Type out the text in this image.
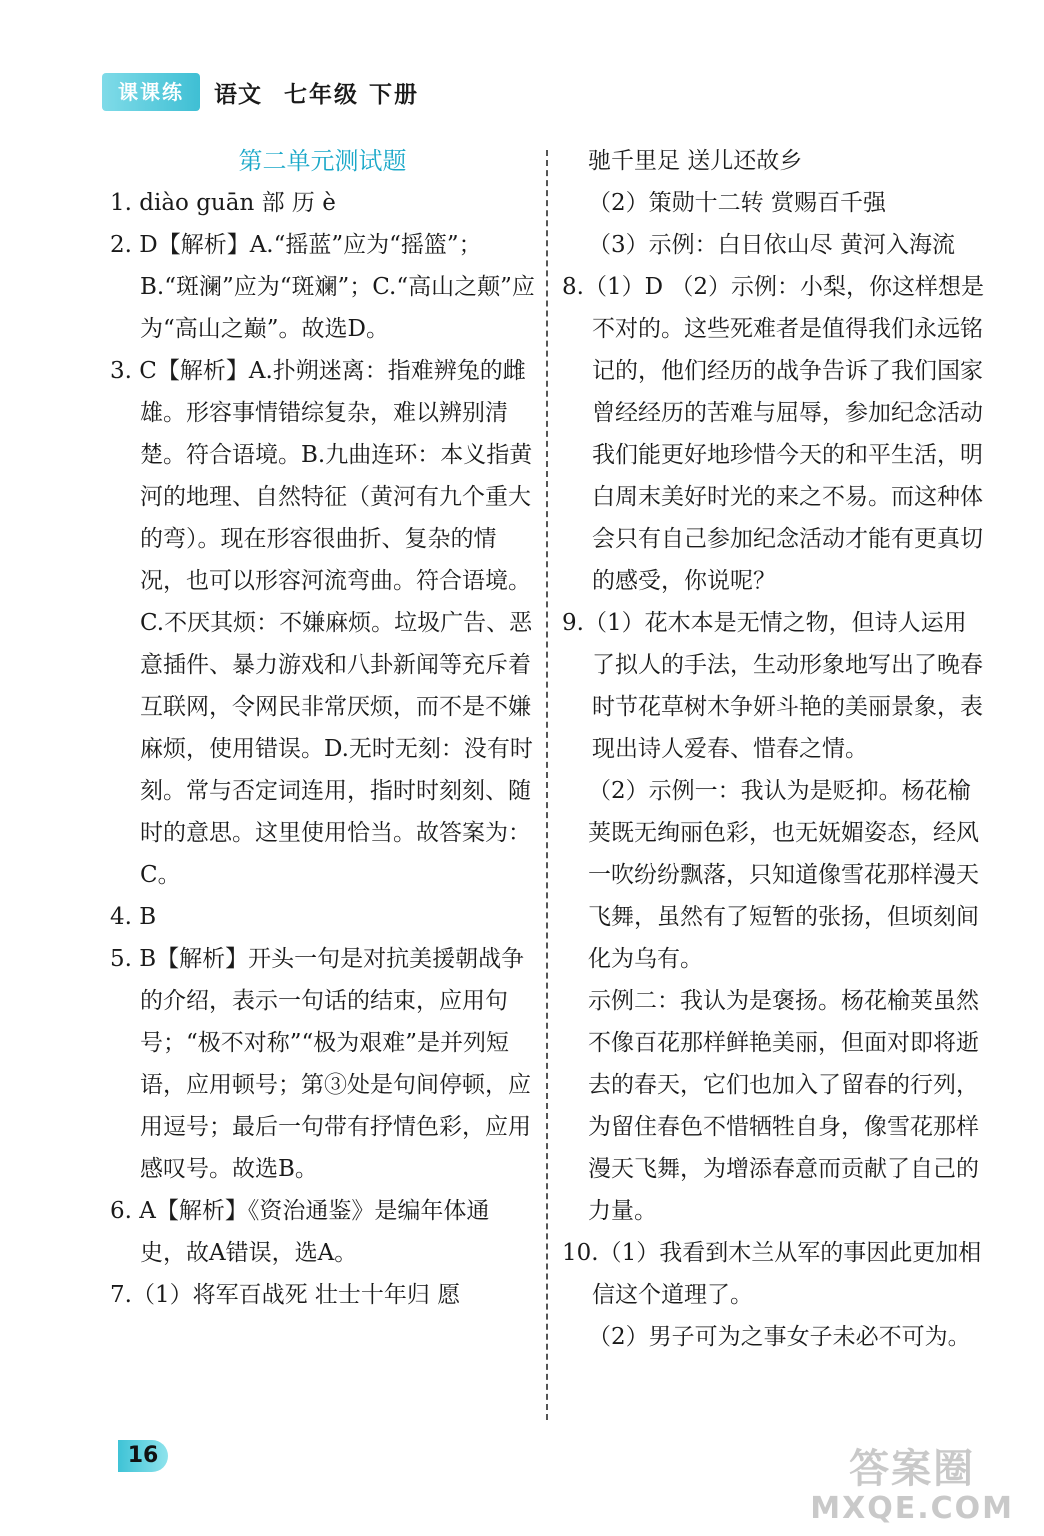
课课练	语文 七年级 下册
第二单元测试题

1. diào guān 部 历 è

2. D【解析】A.“摇蓝”应为“摇篮”；B.“斑澜”应为“斑斓”；C.“高山之颠”应为“高山之巅”。故选D。

3. C【解析】A.扑朔迷离：指难辨兔的雌雄。形容事情错综复杂，难以辨别清楚。符合语境。B.九曲连环：本义指黄河的地理、自然特征（黄河有九个重大的弯）。现在形容很曲折、复杂的情况，也可以形容河流弯曲。符合语境。C.不厌其烦：不嫌麻烦。垃圾广告、恶意插件、暴力游戏和八卦新闻等充斥着互联网，令网民非常厌烦，而不是不嫌麻烦，使用错误。D.无时无刻：没有时刻。常与否定词连用，指时时刻刻、随时的意思。这里使用恰当。故答案为：C。

4. B

5. B【解析】开头一句是对抗美援朝战争的介绍，表示一句话的结束，应用句号；“极不对称”“极为艰难”是并列短语，应用顿号；第③处是句间停顿，应用逗号；最后一句带有抒情色彩，应用感叹号。故选B。

6. A【解析】《资治通鉴》是编年体通史，故A错误，选A。

7.（1）将军百战死 壮士十年归 愿

驰千里足 送儿还故乡

（2）策勋十二转 赏赐百千强

（3）示例：白日依山尽 黄河入海流

8.（1）D （2）示例：小梨，你这样想是不对的。这些死难者是值得我们永远铭记的，他们经历的战争告诉了我们国家曾经经历的苦难与屈辱，参加纪念活动我们能更好地珍惜今天的和平生活，明白周末美好时光的来之不易。而这种体会只有自己参加纪念活动才能有更真切的感受，你说呢？

9.（1）花木本是无情之物，但诗人运用了拟人的手法，生动形象地写出了晚春时节花草树木争妍斗艳的美丽景象，表现出诗人爱春、惜春之情。

（2）示例一：我认为是贬抑。杨花榆荚既无绚丽色彩，也无妩媚姿态，经风一吹纷纷飘落，只知道像雪花那样漫天飞舞，虽然有了短暂的张扬，但顷刻间化为乌有。

示例二：我认为是褒扬。杨花榆荚虽然不像百花那样鲜艳美丽，但面对即将逝去的春天，它们也加入了留春的行列，为留住春色不惜牺牲自身，像雪花那样漫天飞舞，为增添春意而贡献了自己的力量。

10.（1）我看到木兰从军的事因此更加相信这个道理了。

（2）男子可为之事女子未必不可为。

16	答案圈
MXQE.COM
